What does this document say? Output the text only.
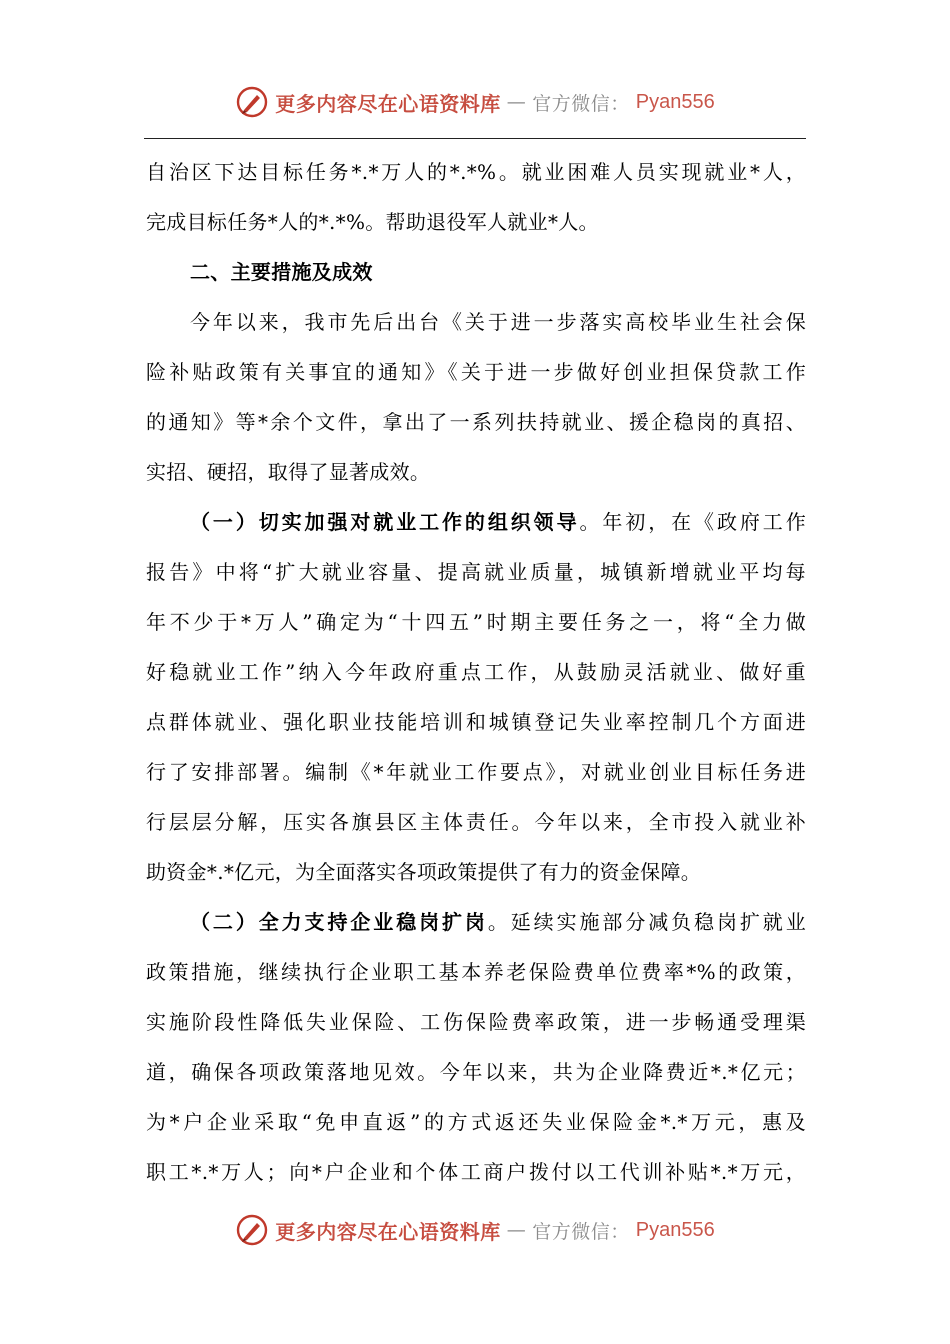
更多内容尽在心语资料库 — 官方微信： Pyan556
自治区下达目标任务*.*万人的*.*%。就业困难人员实现就业*人，
完成目标任务*人的*.*%。帮助退役军人就业*人。
二、主要措施及成效
今年以来，我市先后出台《关于进一步落实高校毕业生社会保
险补贴政策有关事宜的通知》《关于进一步做好创业担保贷款工作
的通知》等*余个文件，拿出了一系列扶持就业、援企稳岗的真招、
实招、硬招，取得了显著成效。
（一）切实加强对就业工作的组织领导。年初，在《政府工作
报告》中将“扩大就业容量、提高就业质量，城镇新增就业平均每
年不少于*万人”确定为“十四五”时期主要任务之一，将“全力做
好稳就业工作”纳入今年政府重点工作，从鼓励灵活就业、做好重
点群体就业、强化职业技能培训和城镇登记失业率控制几个方面进
行了安排部署。编制《*年就业工作要点》，对就业创业目标任务进
行层层分解，压实各旗县区主体责任。今年以来，全市投入就业补
助资金*.*亿元，为全面落实各项政策提供了有力的资金保障。
（二）全力支持企业稳岗扩岗。延续实施部分减负稳岗扩就业
政策措施，继续执行企业职工基本养老保险费单位费率*%的政策，
实施阶段性降低失业保险、工伤保险费率政策，进一步畅通受理渠
道，确保各项政策落地见效。今年以来，共为企业降费近*.*亿元；
为*户企业采取“免申直返”的方式返还失业保险金*.*万元，惠及
职工*.*万人；向*户企业和个体工商户拨付以工代训补贴*.*万元，
更多内容尽在心语资料库 — 官方微信： Pyan556
